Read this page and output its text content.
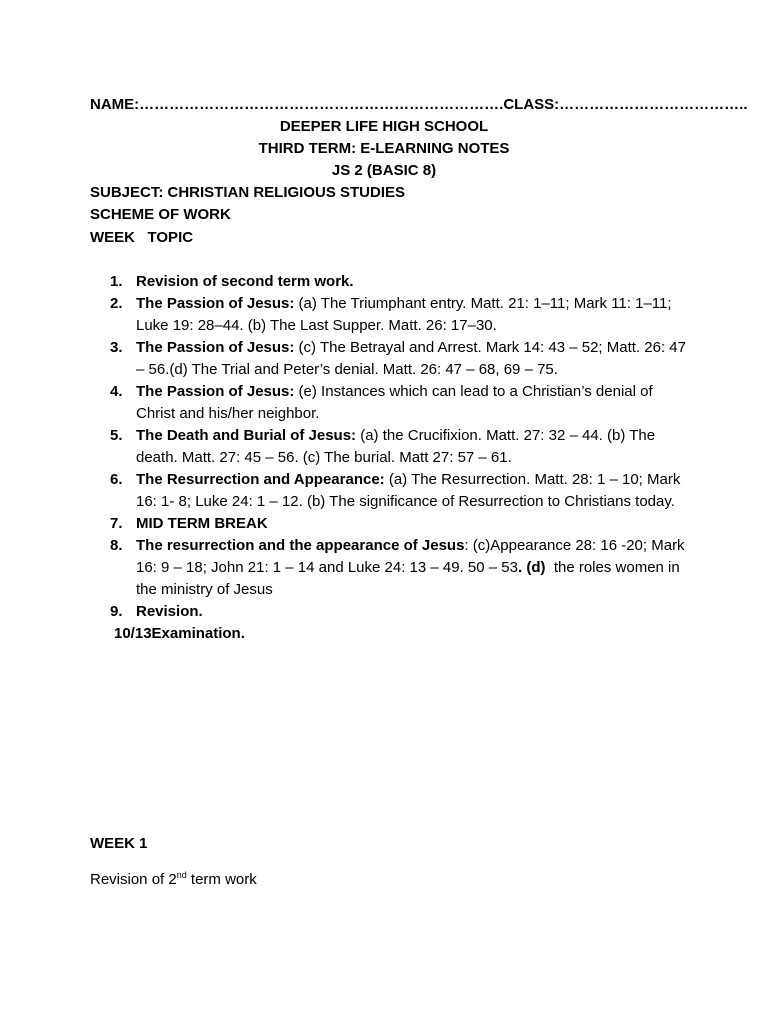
NAME:……………………………………………………………….CLASS:………………………………..
DEEPER LIFE HIGH SCHOOL
THIRD TERM: E-LEARNING NOTES
JS 2 (BASIC 8)
SUBJECT: CHRISTIAN RELIGIOUS STUDIES
SCHEME OF WORK
WEEK   TOPIC
1. Revision of second term work.
2. The Passion of Jesus: (a) The Triumphant entry. Matt. 21: 1–11; Mark 11: 1–11; Luke 19: 28–44. (b) The Last Supper. Matt. 26: 17–30.
3. The Passion of Jesus: (c) The Betrayal and Arrest. Mark 14: 43 – 52; Matt. 26: 47 – 56.(d) The Trial and Peter’s denial. Matt. 26: 47 – 68, 69 – 75.
4. The Passion of Jesus: (e) Instances which can lead to a Christian’s denial of Christ and his/her neighbor.
5. The Death and Burial of Jesus: (a) the Crucifixion. Matt. 27: 32 – 44. (b) The death. Matt. 27: 45 – 56. (c) The burial. Matt 27: 57 – 61.
6. The Resurrection and Appearance: (a) The Resurrection. Matt. 28: 1 – 10; Mark 16: 1- 8; Luke 24: 1 – 12. (b) The significance of Resurrection to Christians today.
7. MID TERM BREAK
8. The resurrection and the appearance of Jesus: (c)Appearance 28: 16 -20; Mark 16: 9 – 18; John 21: 1 – 14 and Luke 24: 13 – 49. 50 – 53. (d)  the roles women in the ministry of Jesus
9. Revision.
10/13Examination.
WEEK 1
Revision of 2nd term work
